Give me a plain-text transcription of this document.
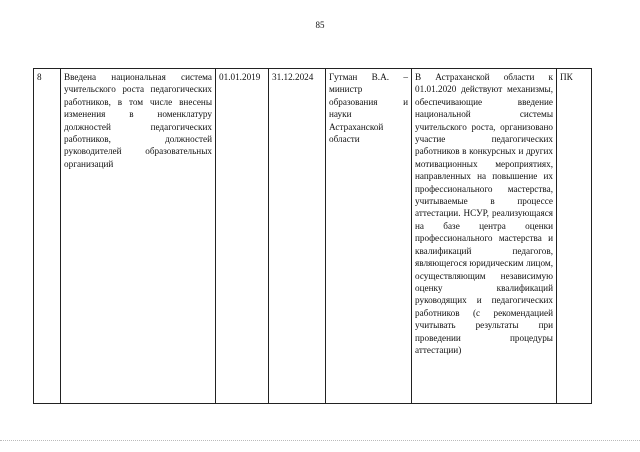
85
8	Введена национальная система учительского роста педагогических работников, в том числе внесены изменения в номенклатуру должностей педагогических работников, должностей руководителей образовательных организаций	01.01.2019	31.12.2024	Гутман В.А. – министр образования и науки Астраханской области	В Астраханской области к 01.01.2020 действуют механизмы, обеспечивающие введение национальной системы учительского роста, организовано участие педагогических работников в конкурсных и других мотивационных мероприятиях, направленных на повышение их профессионального мастерства, учитываемые в процессе аттестации. НСУР, реализующаяся на базе центра оценки профессионального мастерства и квалификаций педагогов, являющегося юридическим лицом, осуществляющим независимую оценку квалификаций руководящих и педагогических работников (с рекомендацией учитывать результаты при проведении процедуры аттестации)	ПК
